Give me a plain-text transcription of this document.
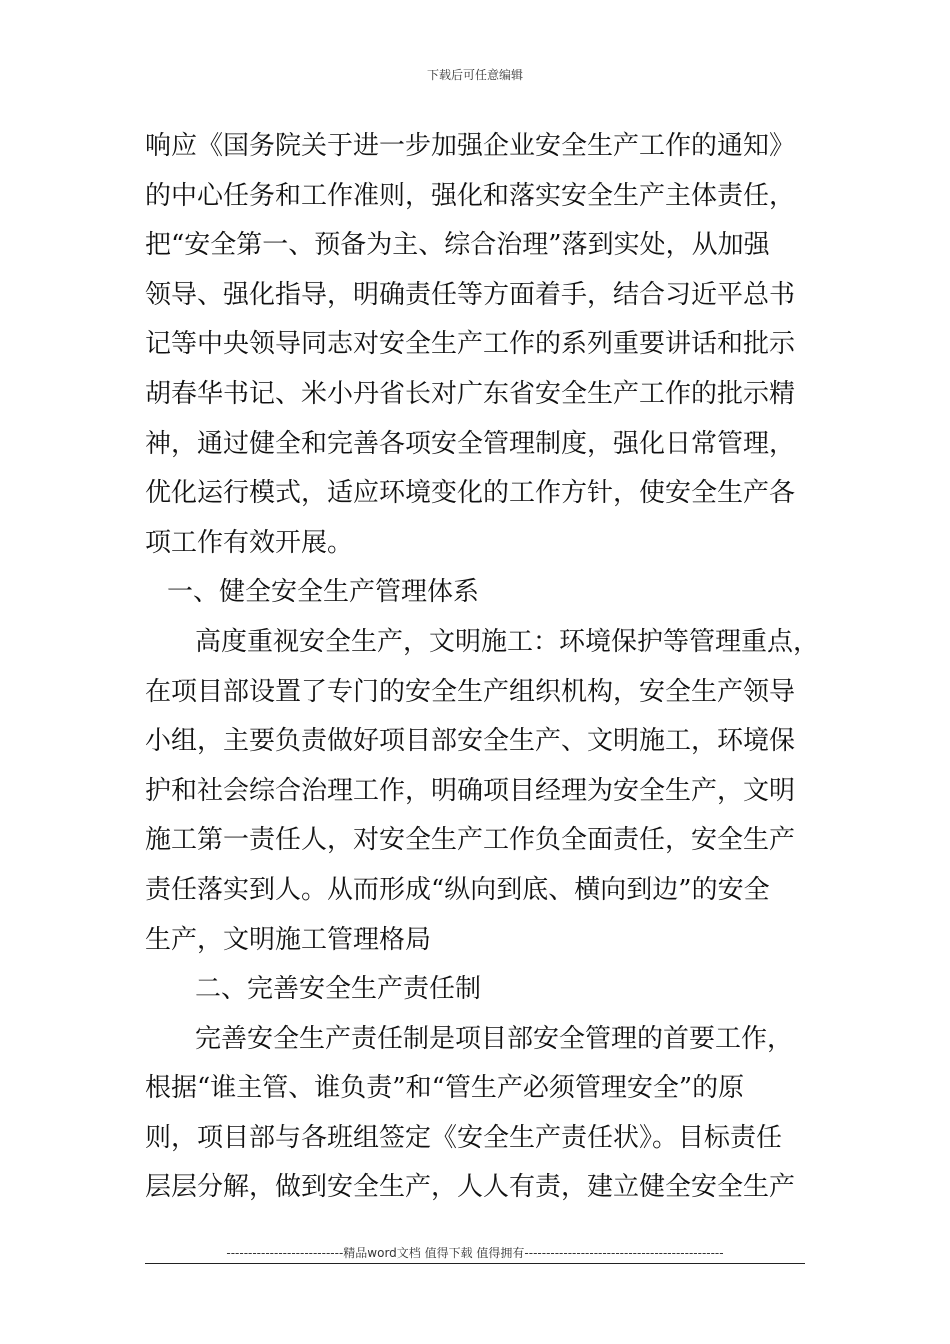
下载后可任意编辑
响应《国务院关于进一步加强企业安全生产工作的通知》
的中心任务和工作准则，强化和落实安全生产主体责任，
把“安全第一、预备为主、综合治理”落到实处，从加强
领导、强化指导，明确责任等方面着手，结合习近平总书
记等中央领导同志对安全生产工作的系列重要讲话和批示
胡春华书记、米小丹省长对广东省安全生产工作的批示精
神，通过健全和完善各项安全管理制度，强化日常管理，
优化运行模式，适应环境变化的工作方针，使安全生产各
项工作有效开展。
一、健全安全生产管理体系
高度重视安全生产，文明施工：环境保护等管理重点，
在项目部设置了专门的安全生产组织机构，安全生产领导
小组，主要负责做好项目部安全生产、文明施工，环境保
护和社会综合治理工作，明确项目经理为安全生产，文明
施工第一责任人，对安全生产工作负全面责任，安全生产
责任落实到人。从而形成“纵向到底、横向到边”的安全
生产，文明施工管理格局
二、完善安全生产责任制
完善安全生产责任制是项目部安全管理的首要工作，
根据“谁主管、谁负责”和“管生产必须管理安全”的原
则，项目部与各班组签定《安全生产责任状》。目标责任
层层分解，做到安全生产，人人有责，建立健全安全生产
---------------------------精品word文档 值得下载 值得拥有----------------------------------------------
